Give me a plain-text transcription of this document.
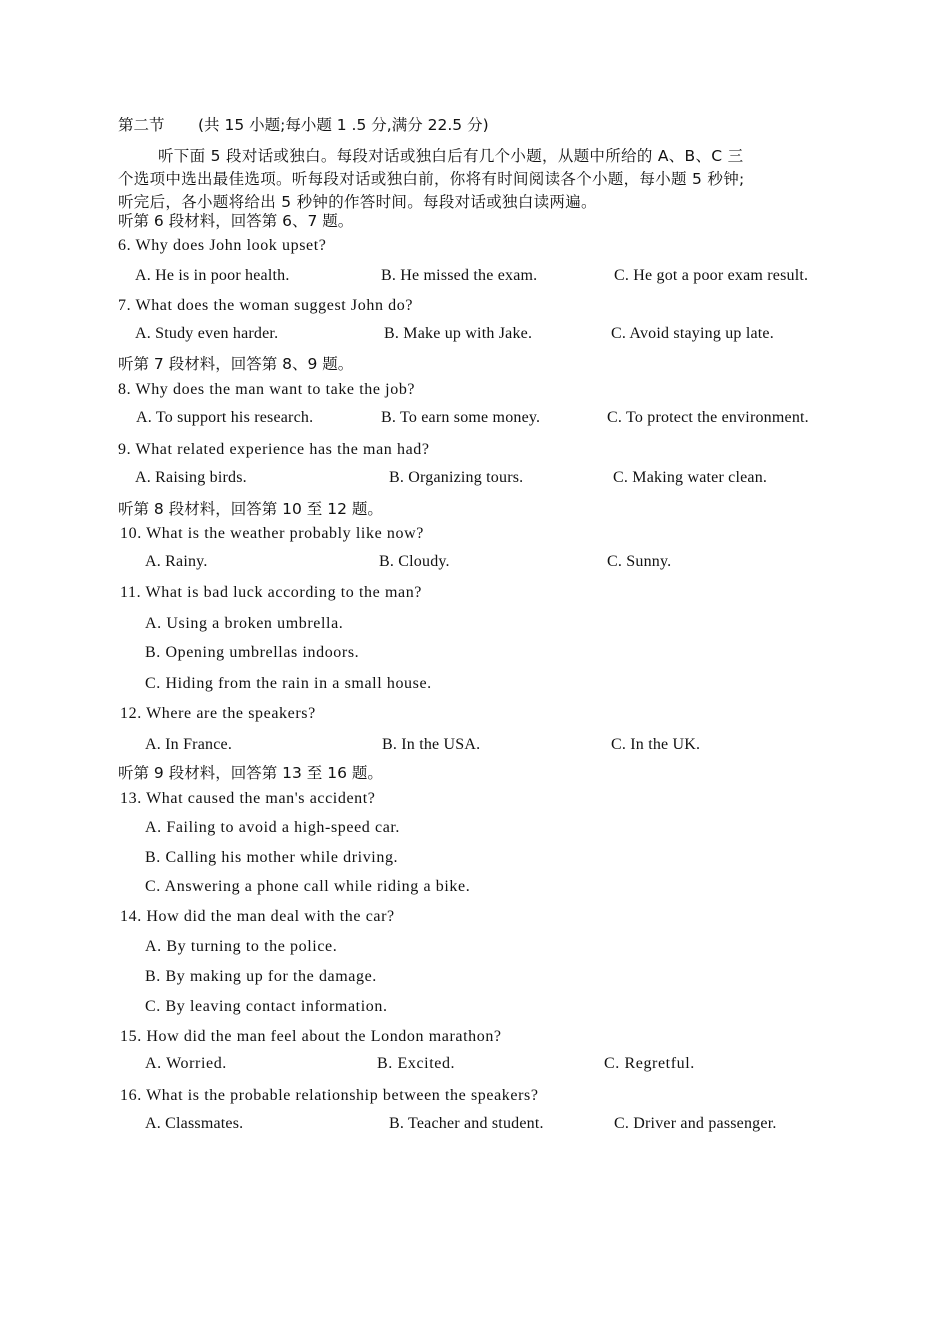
第二节 (共 15 小题;每小题 1 .5 分,满分 22.5 分)
听下面 5 段对话或独白。每段对话或独白后有几个小题，从题中所给的 A、B、C 三
个选项中选出最佳选项。听每段对话或独白前，你将有时间阅读各个小题，每小题 5 秒钟;
听完后，各小题将给出 5 秒钟的作答时间。每段对话或独白读两遍。
听第 6 段材料，回答第 6、7 题。
6. Why does John look upset?
A. He is in poor health.	B. He missed the exam.	C. He got a poor exam result.
7. What does the woman suggest John do?
A. Study even harder.	B. Make up with Jake.	C. Avoid staying up late.
听第 7 段材料，回答第 8、9 题。
8. Why does the man want to take the job?
A. To support his research.	B. To earn some money.	C. To protect the environment.
9. What related experience has the man had?
A. Raising birds.	B. Organizing tours.	C. Making water clean.
听第 8 段材料，回答第 10 至 12 题。
10. What is the weather probably like now?
A. Rainy.	B. Cloudy.	C. Sunny.
11. What is bad luck according to the man?
A. Using a broken umbrella.
B. Opening umbrellas indoors.
C. Hiding from the rain in a small house.
12. Where are the speakers?
A. In France.	B. In the USA.	C. In the UK.
听第 9 段材料，回答第 13 至 16 题。
13. What caused the man's accident?
A. Failing to avoid a high-speed car.
B. Calling his mother while driving.
C. Answering a phone call while riding a bike.
14. How did the man deal with the car?
A. By turning to the police.
B. By making up for the damage.
C. By leaving contact information.
15. How did the man feel about the London marathon?
A. Worried.	B. Excited.	C. Regretful.
16. What is the probable relationship between the speakers?
A. Classmates.	B. Teacher and student.	C. Driver and passenger.
